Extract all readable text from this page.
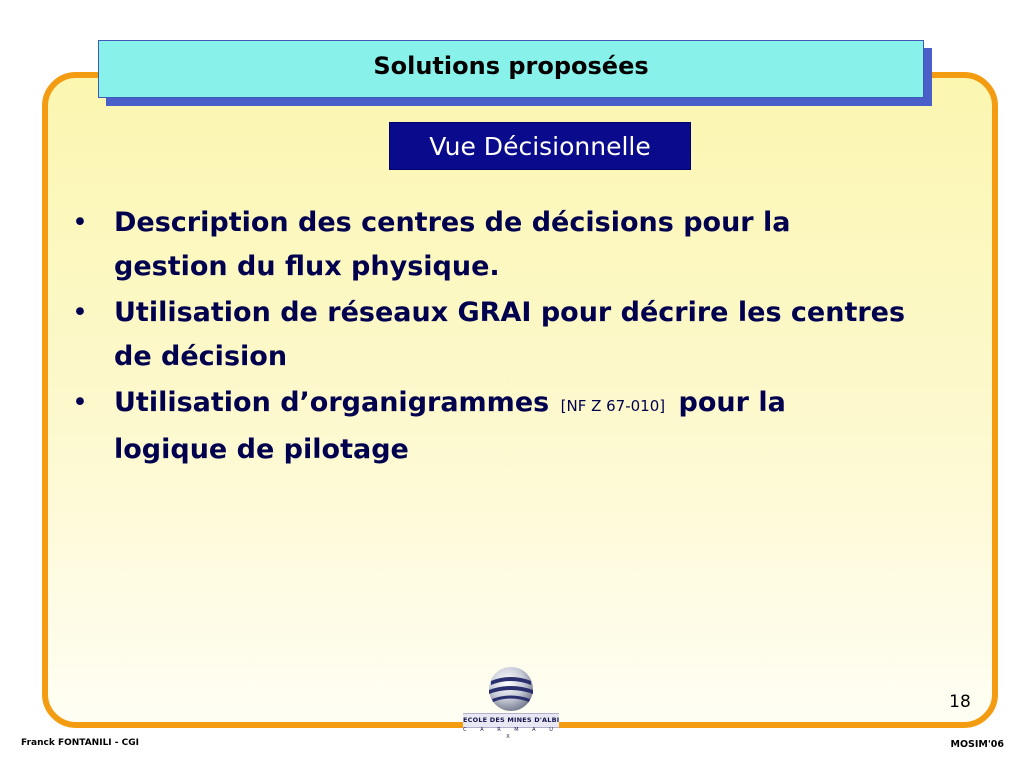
Solutions proposées
Vue Décisionnelle
• Description des centres de décisions pour la gestion du flux physique.
• Utilisation de réseaux GRAI pour décrire les centres de décision
• Utilisation d’organigrammes [NF Z 67-010] pour la logique de pilotage
ECOLE DES MINES D'ALBI
C A R M A U X
18
Franck FONTANILI - CGI	MOSIM'06
